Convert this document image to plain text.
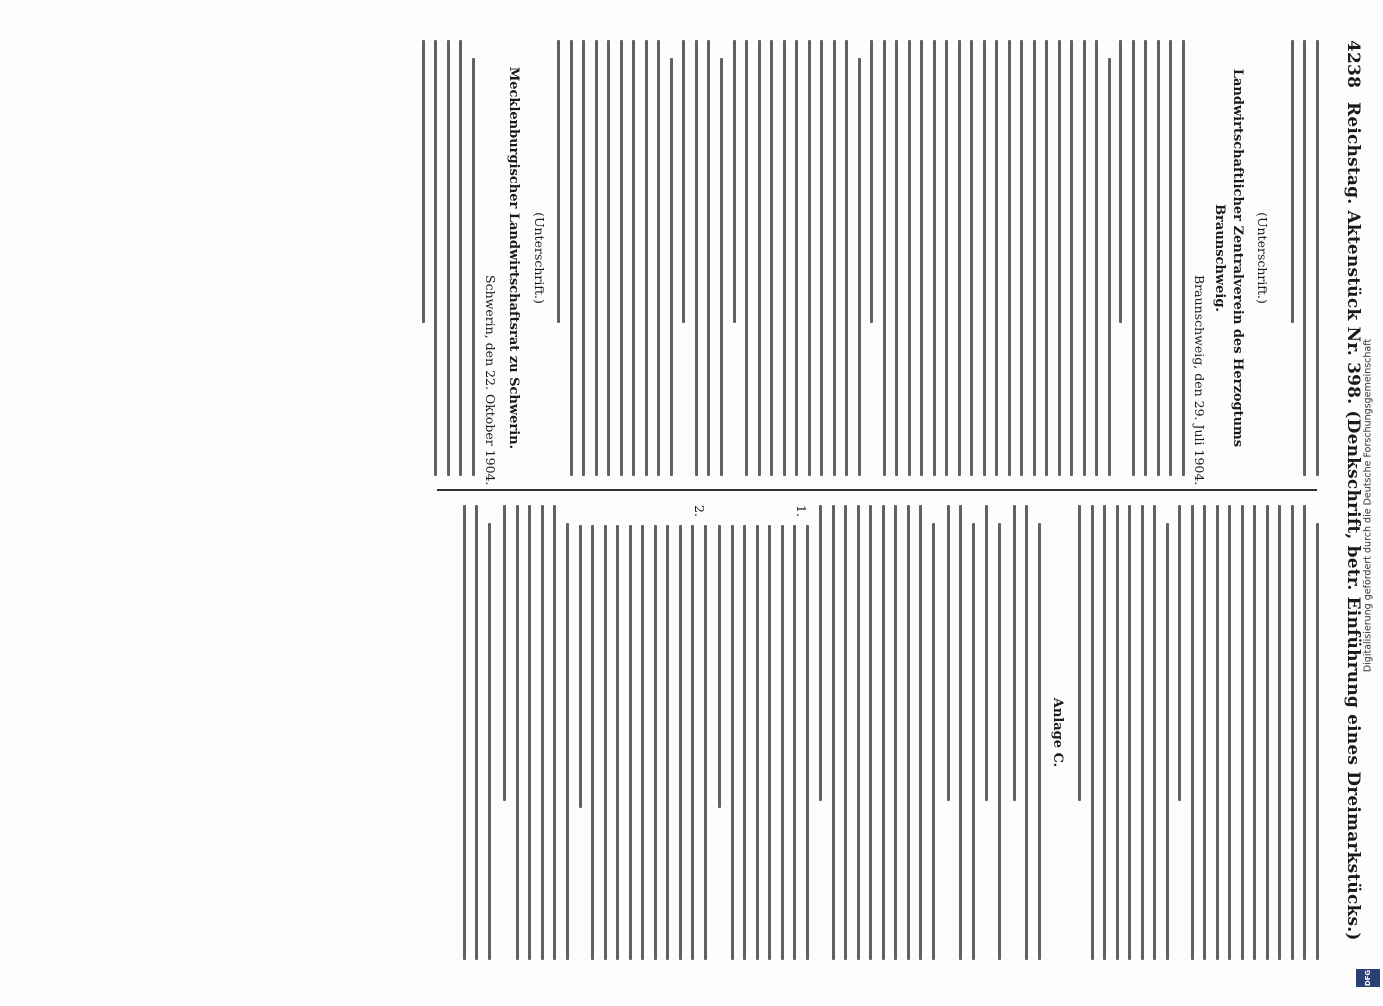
4238
Reichstag. Aktenstück Nr. 398. (Denkschrift, betr. Einführung eines Dreimarkstücks.)
(Unterschrift.)
Landwirtschaftlicher Zentralverein des Herzogtums
Braunschweig.
Braunschweig, den 29. Juli 1904.
(Unterschrift.)
Mecklenburgischer Landwirtschaftsrat zu Schwerin.
Schwerin, den 22. Oktober 1904.
Anlage C.
1.
2.	Digitalisierung gefördert durch die Deutsche Forschungsgemeinschaft
DFG
